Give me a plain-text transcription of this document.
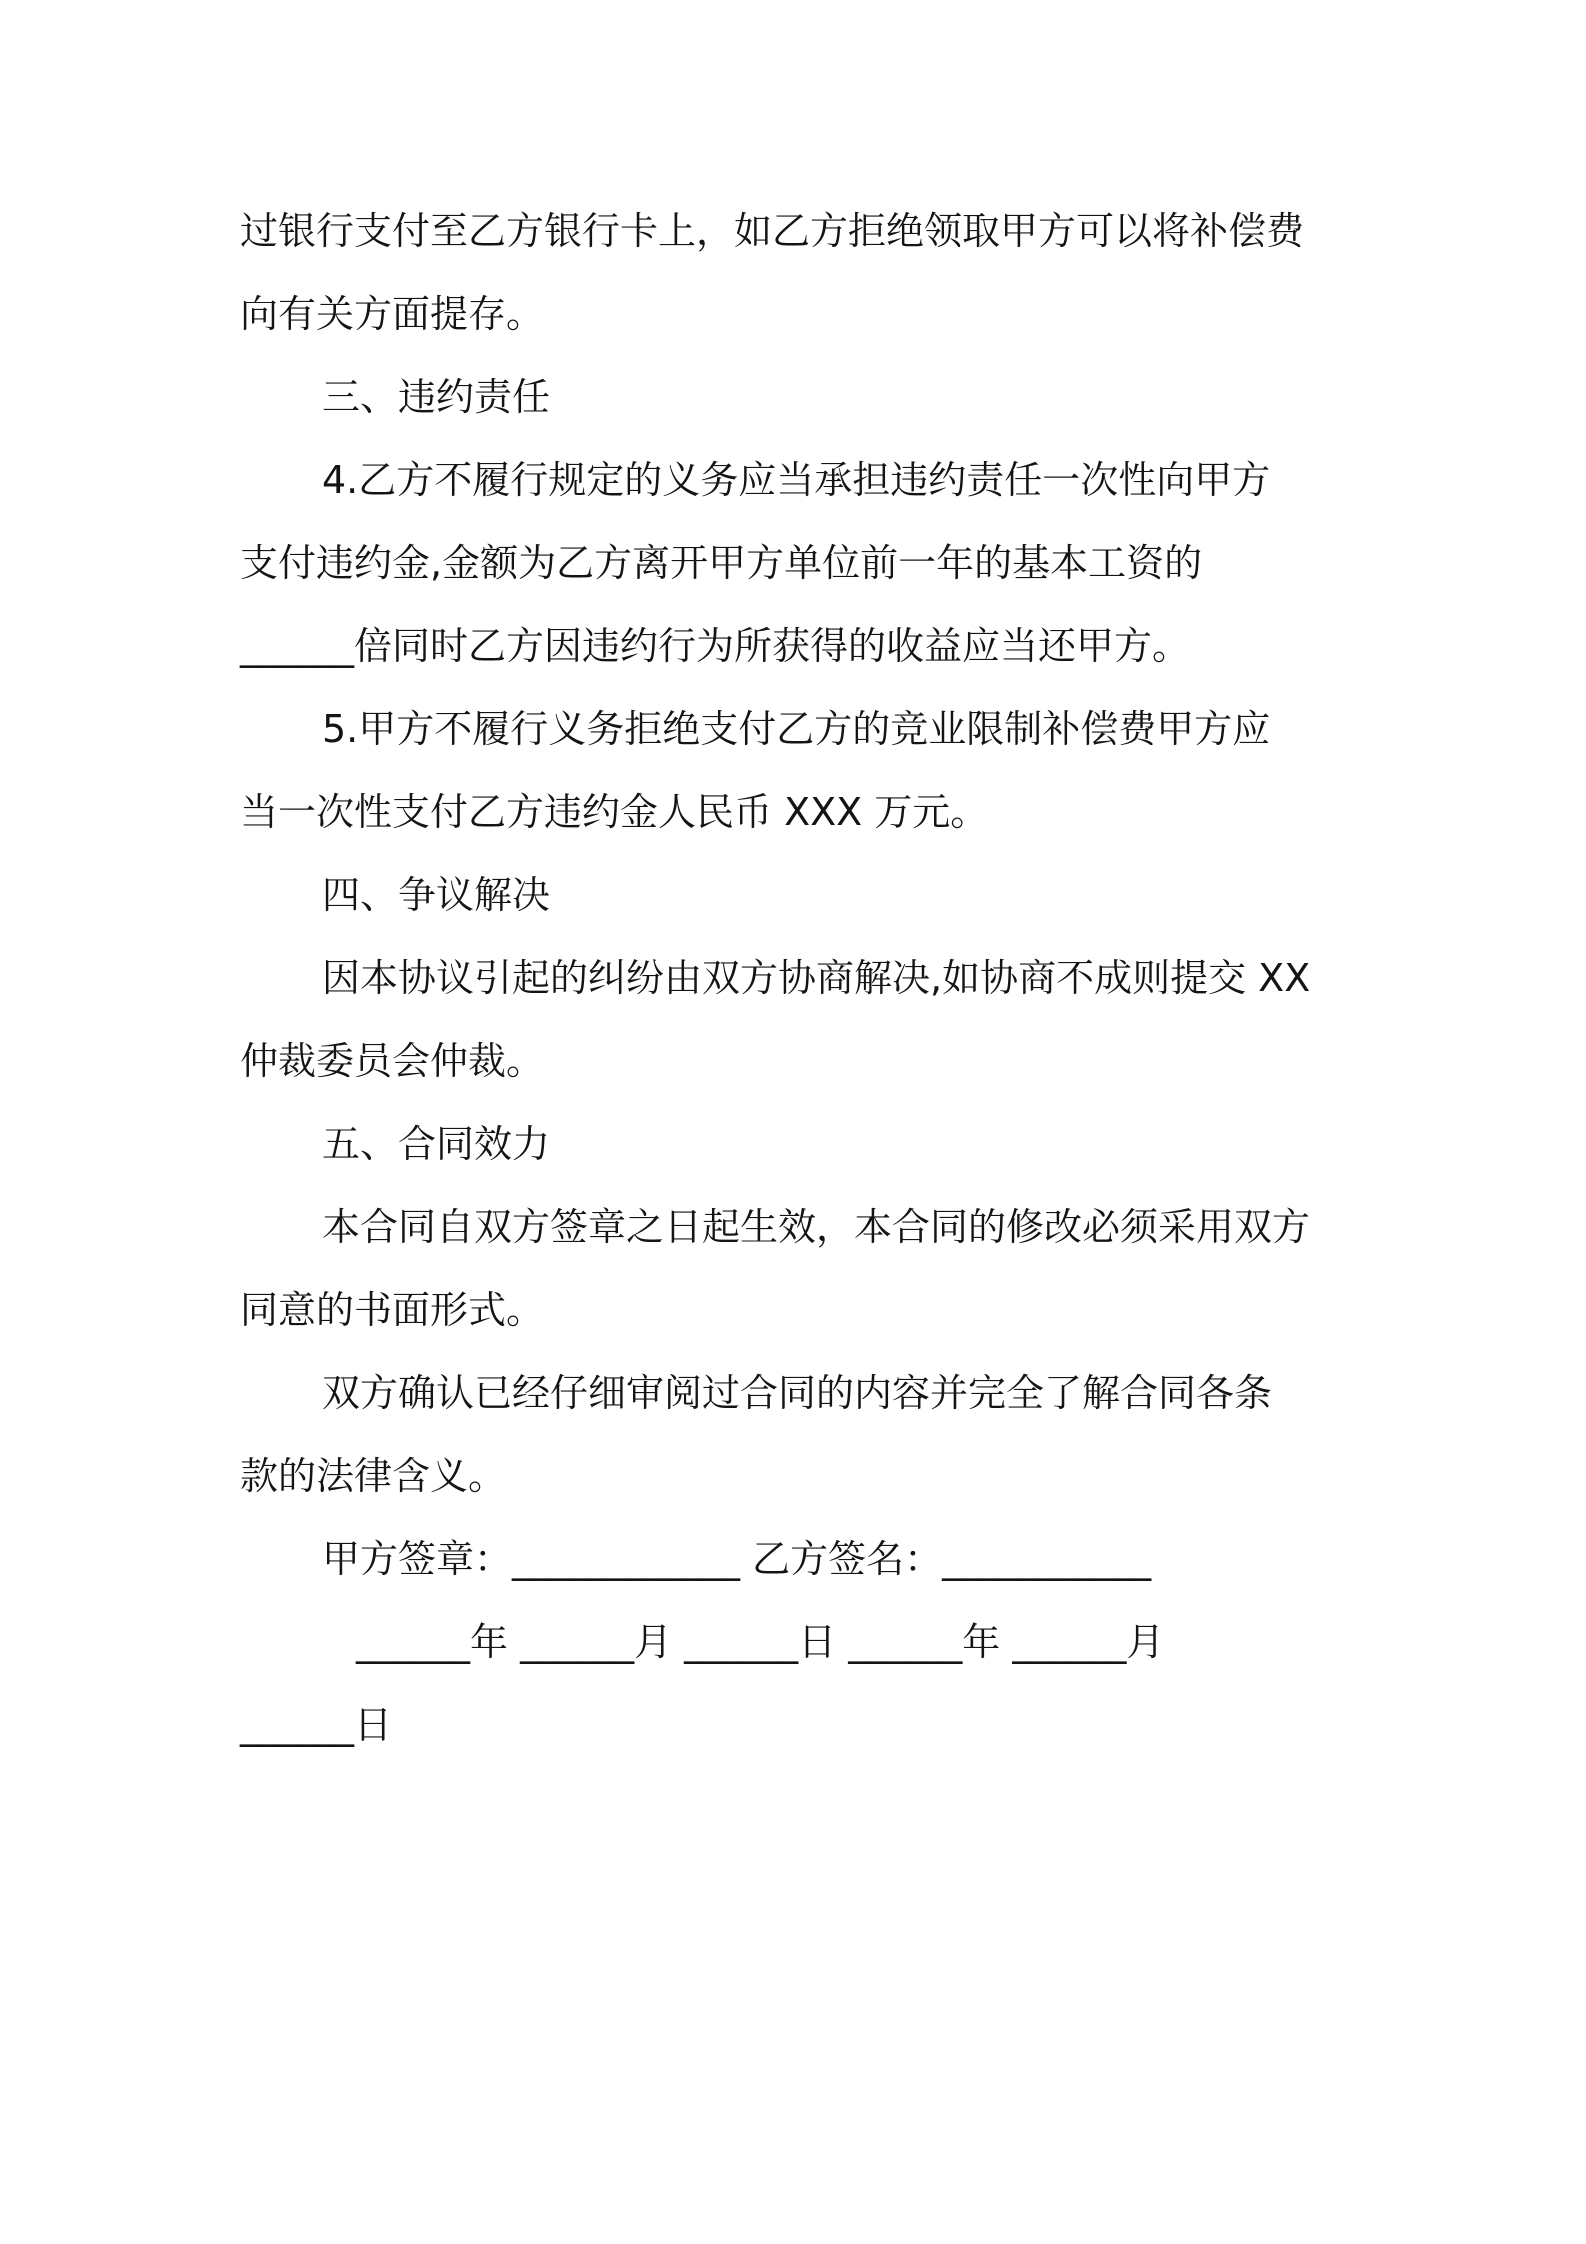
过银行支付至乙方银行卡上，如乙方拒绝领取甲方可以将补偿费
向有关方面提存。
三、违约责任
4.乙方不履行规定的义务应当承担违约责任一次性向甲方
支付违约金,金额为乙方离开甲方单位前一年的基本工资的
______倍同时乙方因违约行为所获得的收益应当还甲方。
5.甲方不履行义务拒绝支付乙方的竞业限制补偿费甲方应
当一次性支付乙方违约金人民币 XXX 万元。
四、争议解决
因本协议引起的纠纷由双方协商解决,如协商不成则提交 XX
仲裁委员会仲裁。
五、合同效力
本合同自双方签章之日起生效，本合同的修改必须采用双方
同意的书面形式。
双方确认已经仔细审阅过合同的内容并完全了解合同各条
款的法律含义。
甲方签章：____________ 乙方签名：___________
______年 ______月 ______日 ______年 ______月
______日
